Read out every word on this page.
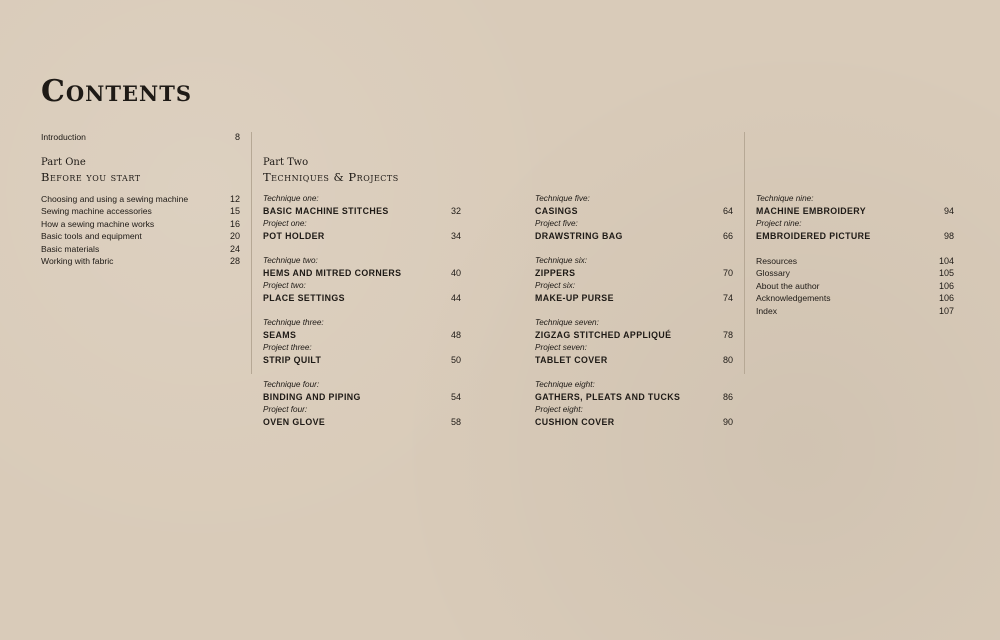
Contents
Introduction	8
Part One
Before you start
Choosing and using a sewing machine	12
Sewing machine accessories	15
How a sewing machine works	16
Basic tools and equipment	20
Basic materials	24
Working with fabric	28
Part Two
Techniques & Projects
Technique one:
BASIC MACHINE STITCHES	32
Project one:
POT HOLDER	34
Technique two:
HEMS AND MITRED CORNERS	40
Project two:
PLACE SETTINGS	44
Technique three:
SEAMS	48
Project three:
STRIP QUILT	50
Technique four:
BINDING AND PIPING	54
Project four:
OVEN GLOVE	58
Technique five:
CASINGS	64
Project five:
DRAWSTRING BAG	66
Technique six:
ZIPPERS	70
Project six:
MAKE-UP PURSE	74
Technique seven:
ZIGZAG STITCHED APPLIQUÉ	78
Project seven:
TABLET COVER	80
Technique eight:
GATHERS, PLEATS AND TUCKS	86
Project eight:
CUSHION COVER	90
Technique nine:
MACHINE EMBROIDERY	94
Project nine:
EMBROIDERED PICTURE	98
Resources	104
Glossary	105
About the author	106
Acknowledgements	106
Index	107
